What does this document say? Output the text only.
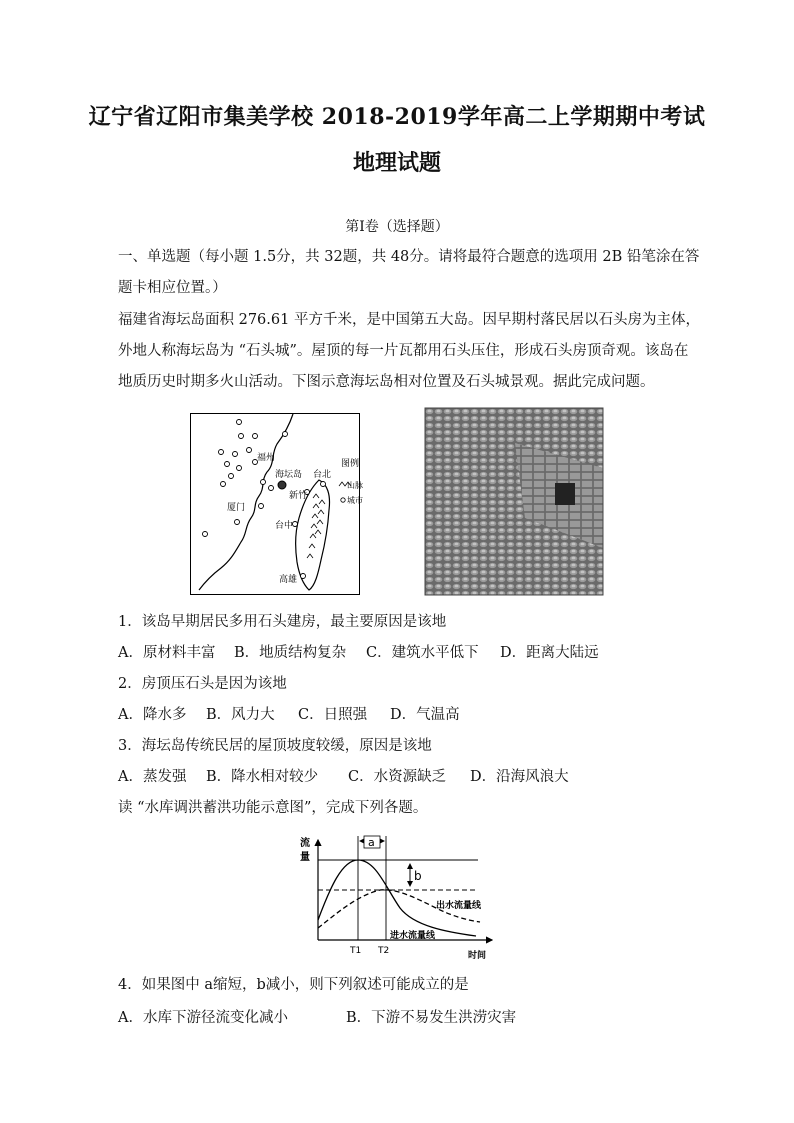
辽宁省辽阳市集美学校 2018-2019学年高二上学期期中考试
地理试题
第Ⅰ卷（选择题）
一、单选题（每小题 1.5分，共 32题，共 48分。请将最符合题意的选项用 2B 铅笔涂在答
题卡相应位置。）
福建省海坛岛面积 276.61 平方千米，是中国第五大岛。因早期村落民居以石头房为主体，
外地人称海坛岛为 “石头城”。屋顶的每一片瓦都用石头压住，形成石头房顶奇观。该岛在
地质历史时期多火山活动。下图示意海坛岛相对位置及石头城景观。据此完成问题。
福州
海坛岛 台北
新竹
厦门
台中
高雄
图例
山脉
城市
1．该岛早期居民多用石头建房，最主要原因是该地
A．原材料丰富 B．地质结构复杂 C．建筑水平低下 D．距离大陆远
2．房顶压石头是因为该地
A．降水多 B．风力大 C．日照强 D．气温高
3．海坛岛传统民居的屋顶坡度较缓，原因是该地
A．蒸发强 B．降水相对较少 C．水资源缺乏 D．沿海风浪大
读 “水库调洪蓄洪功能示意图”，完成下列各题。
流
量
a
b
T1 T2
出水流量线
进水流量线
时间
4．如果图中 a缩短，b减小，则下列叙述可能成立的是
A．水库下游径流变化减小	B．下游不易发生洪涝灾害
